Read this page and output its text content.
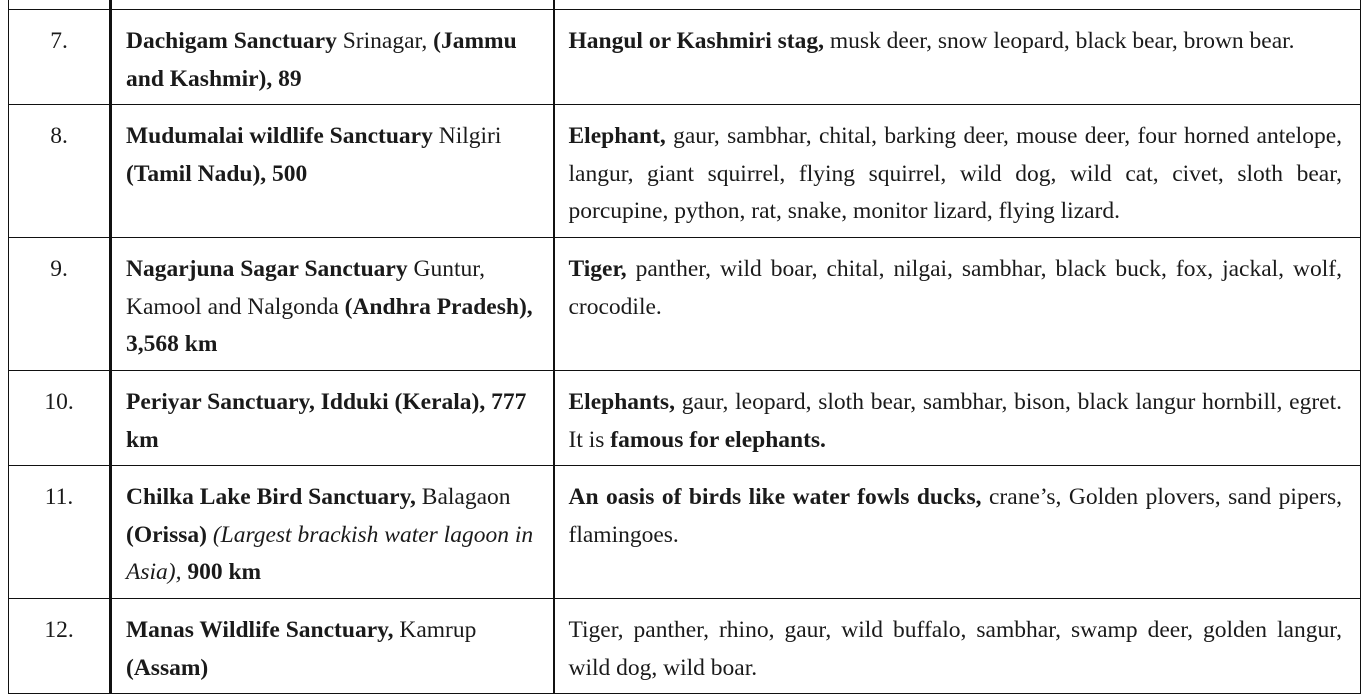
7.	Dachigam Sanctuary Srinagar, (Jammu and Kashmir), 89	Hangul or Kashmiri stag, musk deer, snow leopard, black bear, brown bear.
8.	Mudumalai wildlife Sanctuary Nilgiri (Tamil Nadu), 500	Elephant, gaur, sambhar, chital, barking deer, mouse deer, four horned antelope, langur, giant squirrel, flying squirrel, wild dog, wild cat, civet, sloth bear, porcupine, python, rat, snake, monitor lizard, flying lizard.
9.	Nagarjuna Sagar Sanctuary Guntur, Kamool and Nalgonda (Andhra Pradesh), 3,568 km	Tiger, panther, wild boar, chital, nilgai, sambhar, black buck, fox, jackal, wolf, crocodile.
10.	Periyar Sanctuary, Idduki (Kerala), 777 km	Elephants, gaur, leopard, sloth bear, sambhar, bison, black langur hornbill, egret. It is famous for elephants.
11.	Chilka Lake Bird Sanctuary, Balagaon (Orissa) (Largest brackish water lagoon in Asia), 900 km	An oasis of birds like water fowls ducks, crane’s, Golden plovers, sand pipers, flamingoes.
12.	Manas Wildlife Sanctuary, Kamrup (Assam)	Tiger, panther, rhino, gaur, wild buffalo, sambhar, swamp deer, golden langur, wild dog, wild boar.
